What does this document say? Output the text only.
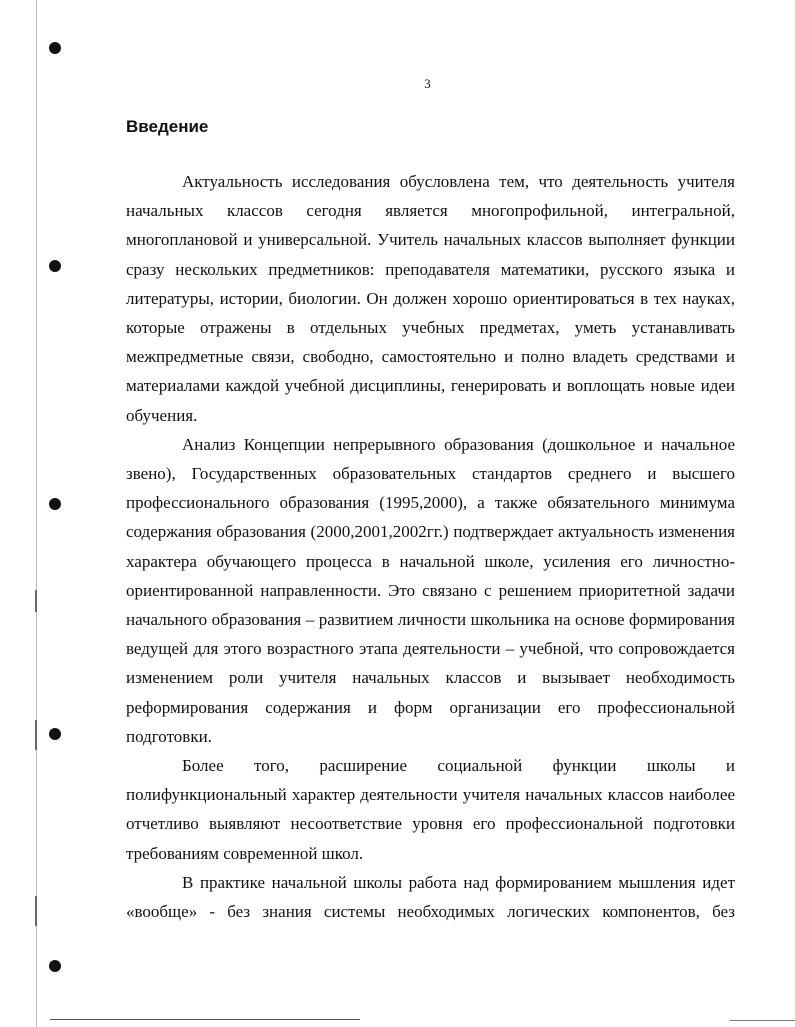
3
Введение

Актуальность исследования обусловлена тем, что деятельность учителя начальных классов сегодня является многопрофильной, интегральной, многоплановой и универсальной. Учитель начальных классов выполняет функции сразу нескольких предметников: преподавателя математики, русского языка и литературы, истории, биологии. Он должен хорошо ориентироваться в тех науках, которые отражены в отдельных учебных предметах, уметь устанавливать межпредметные связи, свободно, самостоятельно и полно владеть средствами и материалами каждой учебной дисциплины, генерировать и воплощать новые идеи обучения.

Анализ Концепции непрерывного образования (дошкольное и начальное звено), Государственных образовательных стандартов среднего и высшего профессионального образования (1995,2000), а также обязательного минимума содержания образования (2000,2001,2002гг.) подтверждает актуальность изменения характера обучающего процесса в начальной школе, усиления его личностно-ориентированной направленности. Это связано с решением приоритетной задачи начального образования – развитием личности школьника на основе формирования ведущей для этого возрастного этапа деятельности – учебной, что сопровождается изменением роли учителя начальных классов и вызывает необходимость реформирования содержания и форм организации его профессиональной подготовки.

Более того, расширение социальной функции школы и полифункциональный характер деятельности учителя начальных классов наиболее отчетливо выявляют несоответствие уровня его профессиональной подготовки требованиям современной школ.

В практике начальной школы работа над формированием мышления идет «вообще» - без знания системы необходимых логических компонентов, без
